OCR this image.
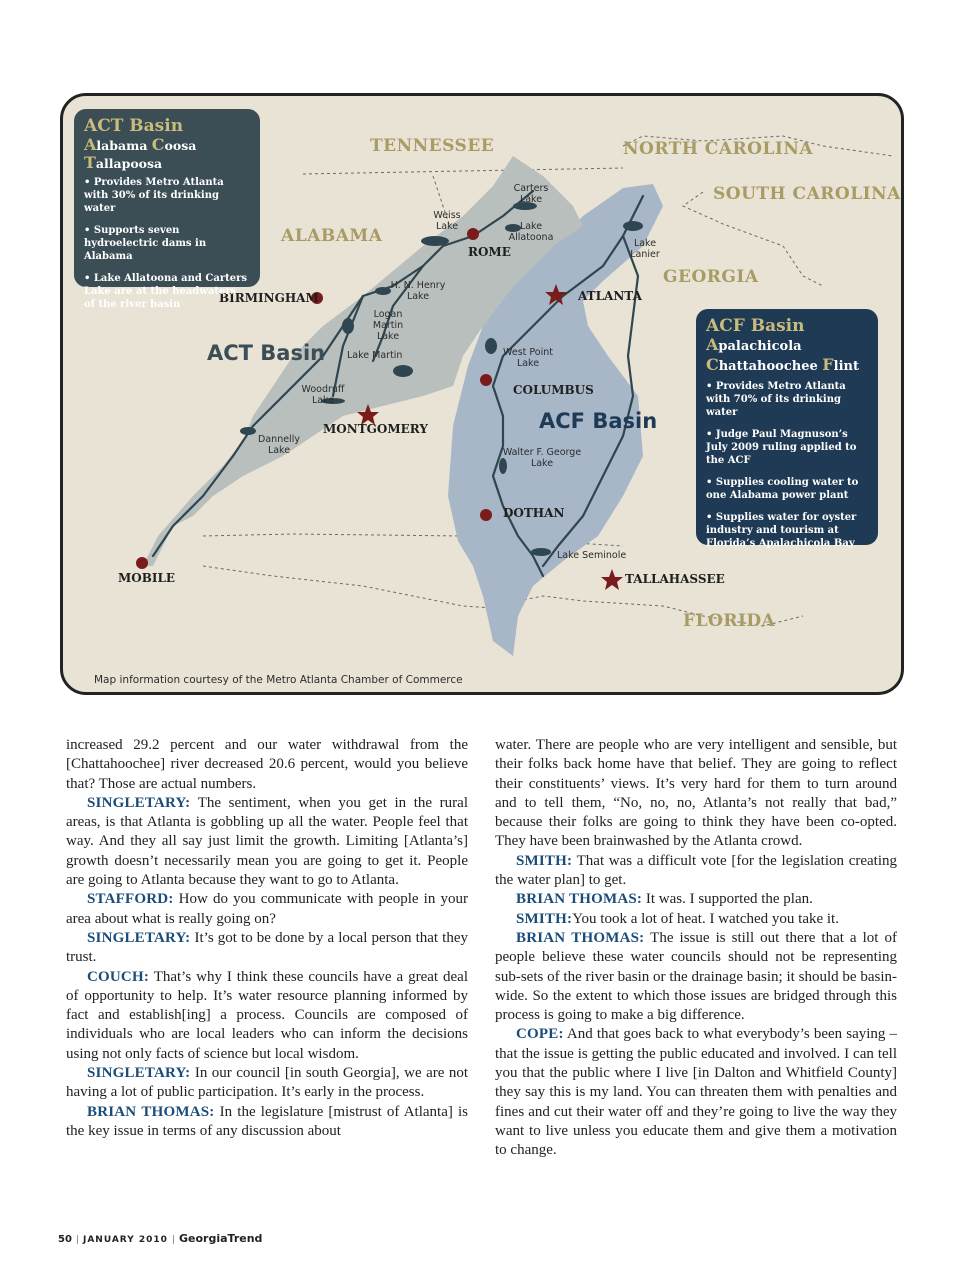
TENNESSEE	NORTH CAROLINA
SOUTH CAROLINA
ALABAMA
GEORGIA
FLORIDA
BIRMINGHAM
ROME
ATLANTA
COLUMBUS
MONTGOMERY
DOTHAN
MOBILE	TALLAHASSEE
Carters Lake
Weiss Lake	Lake Allatoona
Lake Lanier
H. N. Henry Lake
Logan Martin Lake
Lake Martin
Woodruff Lake
Dannelly Lake
West Point Lake
Walter F. George Lake
Lake Seminole
ACT Basin
ACF Basin

ACT Basin

Alabama Coosa Tallapoosa

• Provides Metro Atlanta with 30% of its drinking water
• Supports seven hydroelectric dams in Alabama
• Lake Allatoona and Carters Lake are at the headwaters of the river basin

ACF Basin

Apalachicola
Chattahoochee Flint

• Provides Metro Atlanta with 70% of its drinking water
• Judge Paul Magnuson’s July 2009 ruling applied to the ACF
• Supplies cooling water to one Alabama power plant
• Supplies water for oyster industry and tourism at Florida’s Apalachicola Bay
Map information courtesy of the Metro Atlanta Chamber of Commerce

increased 29.2 percent and our water withdrawal from the [Chattahoochee] river decreased 20.6 percent, would you believe that? Those are actual numbers.

SINGLETARY: The sentiment, when you get in the rural areas, is that Atlanta is gobbling up all the water. People feel that way. And they all say just limit the growth. Limiting [Atlanta’s] growth doesn’t necessarily mean you are going to get it. People are going to Atlanta because they want to go to Atlanta.

STAFFORD: How do you communicate with people in your area about what is really going on?

SINGLETARY: It’s got to be done by a local person that they trust.

COUCH: That’s why I think these councils have a great deal of opportunity to help. It’s water resource planning informed by fact and establish[ing] a process. Councils are composed of individuals who are local leaders who can inform the decisions using not only facts of science but local wisdom.

SINGLETARY: In our council [in south Georgia], we are not having a lot of public participation. It’s early in the process.

BRIAN THOMAS: In the legislature [mistrust of Atlanta] is the key issue in terms of any discussion about

water. There are people who are very intelligent and sensible, but their folks back home have that belief. They are going to reflect their constituents’ views. It’s very hard for them to turn around and to tell them, “No, no, no, Atlanta’s not really that bad,” because their folks are going to think they have been co-opted. They have been brainwashed by the Atlanta crowd.

SMITH: That was a difficult vote [for the legislation creating the water plan] to get.

BRIAN THOMAS: It was. I supported the plan.

SMITH:You took a lot of heat. I watched you take it.

BRIAN THOMAS: The issue is still out there that a lot of people believe these water councils should not be representing sub-sets of the river basin or the drainage basin; it should be basin-wide. So the extent to which those issues are bridged through this process is going to make a big difference.

COPE: And that goes back to what everybody’s been saying – that the issue is getting the public educated and involved. I can tell you that the public where I live [in Dalton and Whitfield County] they say this is my land. You can threaten them with penalties and fines and cut their water off and they’re going to live the way they want to live unless you educate them and give them a motivation to change.

50 | JANUARY 2010 | GeorgiaTrend
